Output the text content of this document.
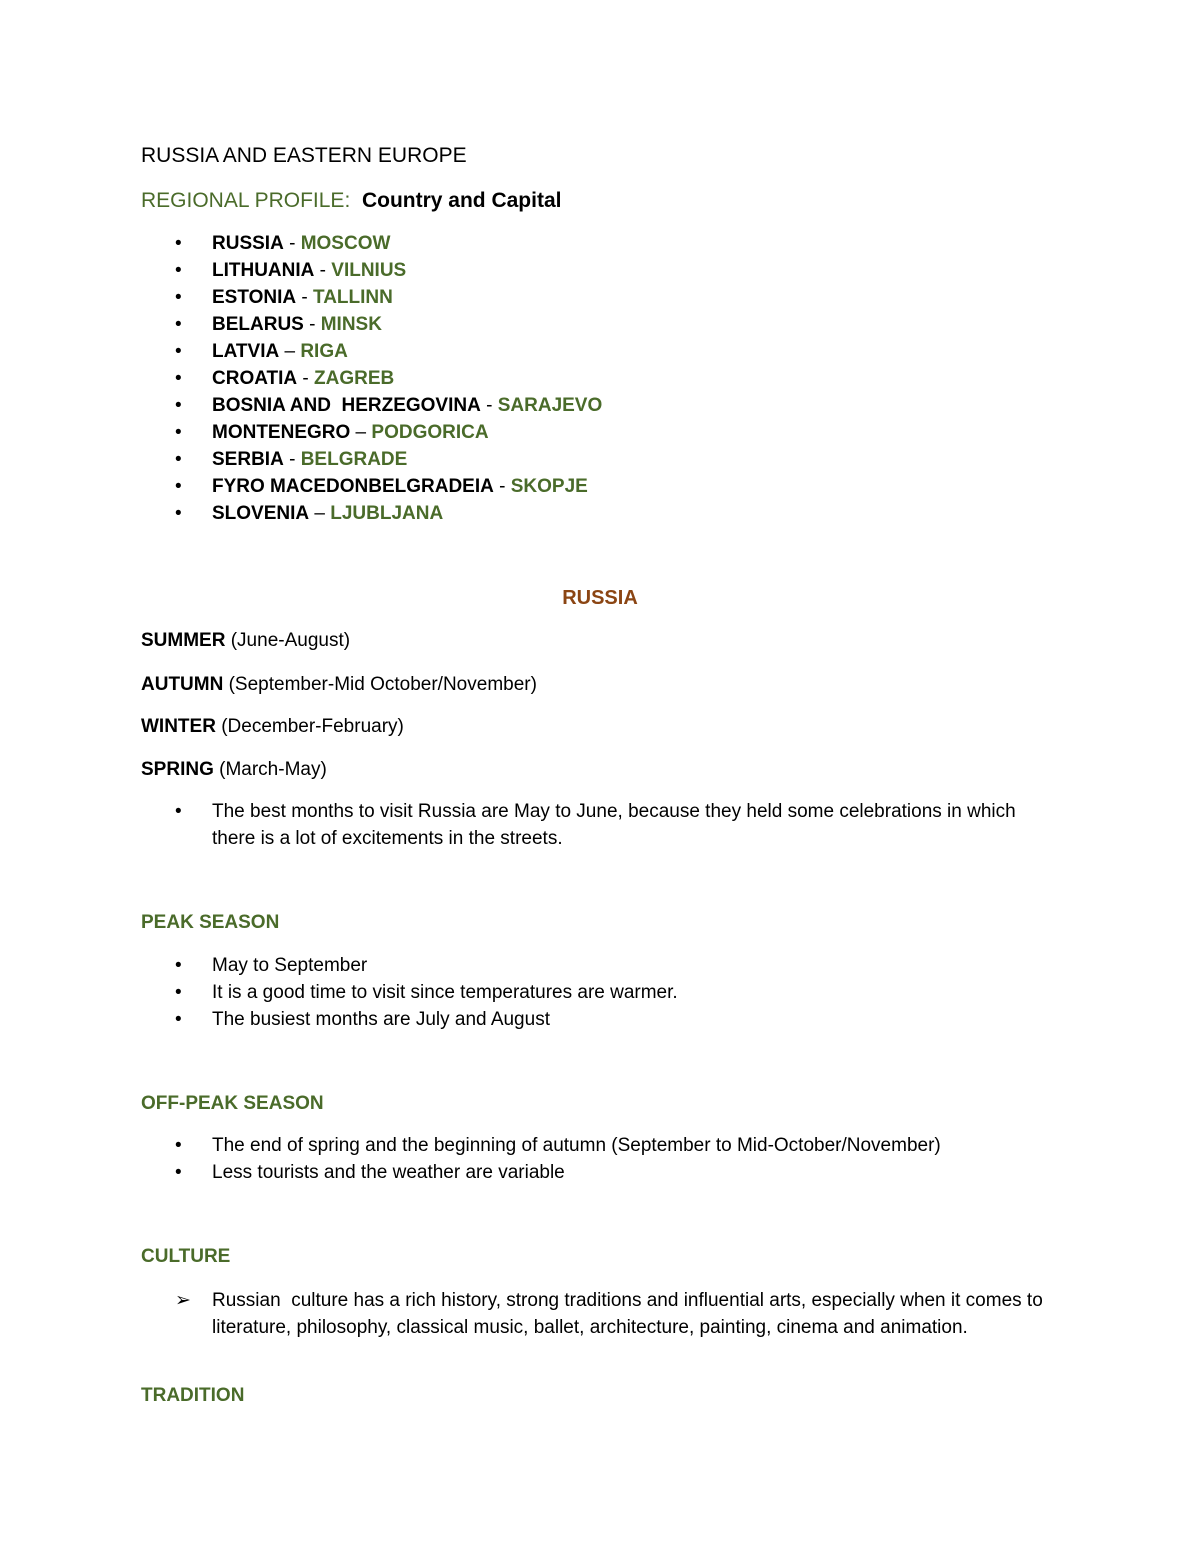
RUSSIA AND EASTERN EUROPE
REGIONAL PROFILE: Country and Capital
• RUSSIA - MOSCOW
• LITHUANIA - VILNIUS
• ESTONIA - TALLINN
• BELARUS - MINSK
• LATVIA – RIGA
• CROATIA - ZAGREB
• BOSNIA AND  HERZEGOVINA - SARAJEVO
• MONTENEGRO – PODGORICA
• SERBIA - BELGRADE
• FYRO MACEDONBELGRADEIA - SKOPJE
• SLOVENIA – LJUBLJANA
RUSSIA
SUMMER (June-August)
AUTUMN (September-Mid October/November)
WINTER (December-February)
SPRING (March-May)
• The best months to visit Russia are May to June, because they held some celebrations in which there is a lot of excitements in the streets.
PEAK SEASON
• May to September
• It is a good time to visit since temperatures are warmer.
• The busiest months are July and August
OFF-PEAK SEASON
• The end of spring and the beginning of autumn (September to Mid-October/November)
• Less tourists and the weather are variable
CULTURE
➢ Russian  culture has a rich history, strong traditions and influential arts, especially when it comes to literature, philosophy, classical music, ballet, architecture, painting, cinema and animation.
TRADITION
